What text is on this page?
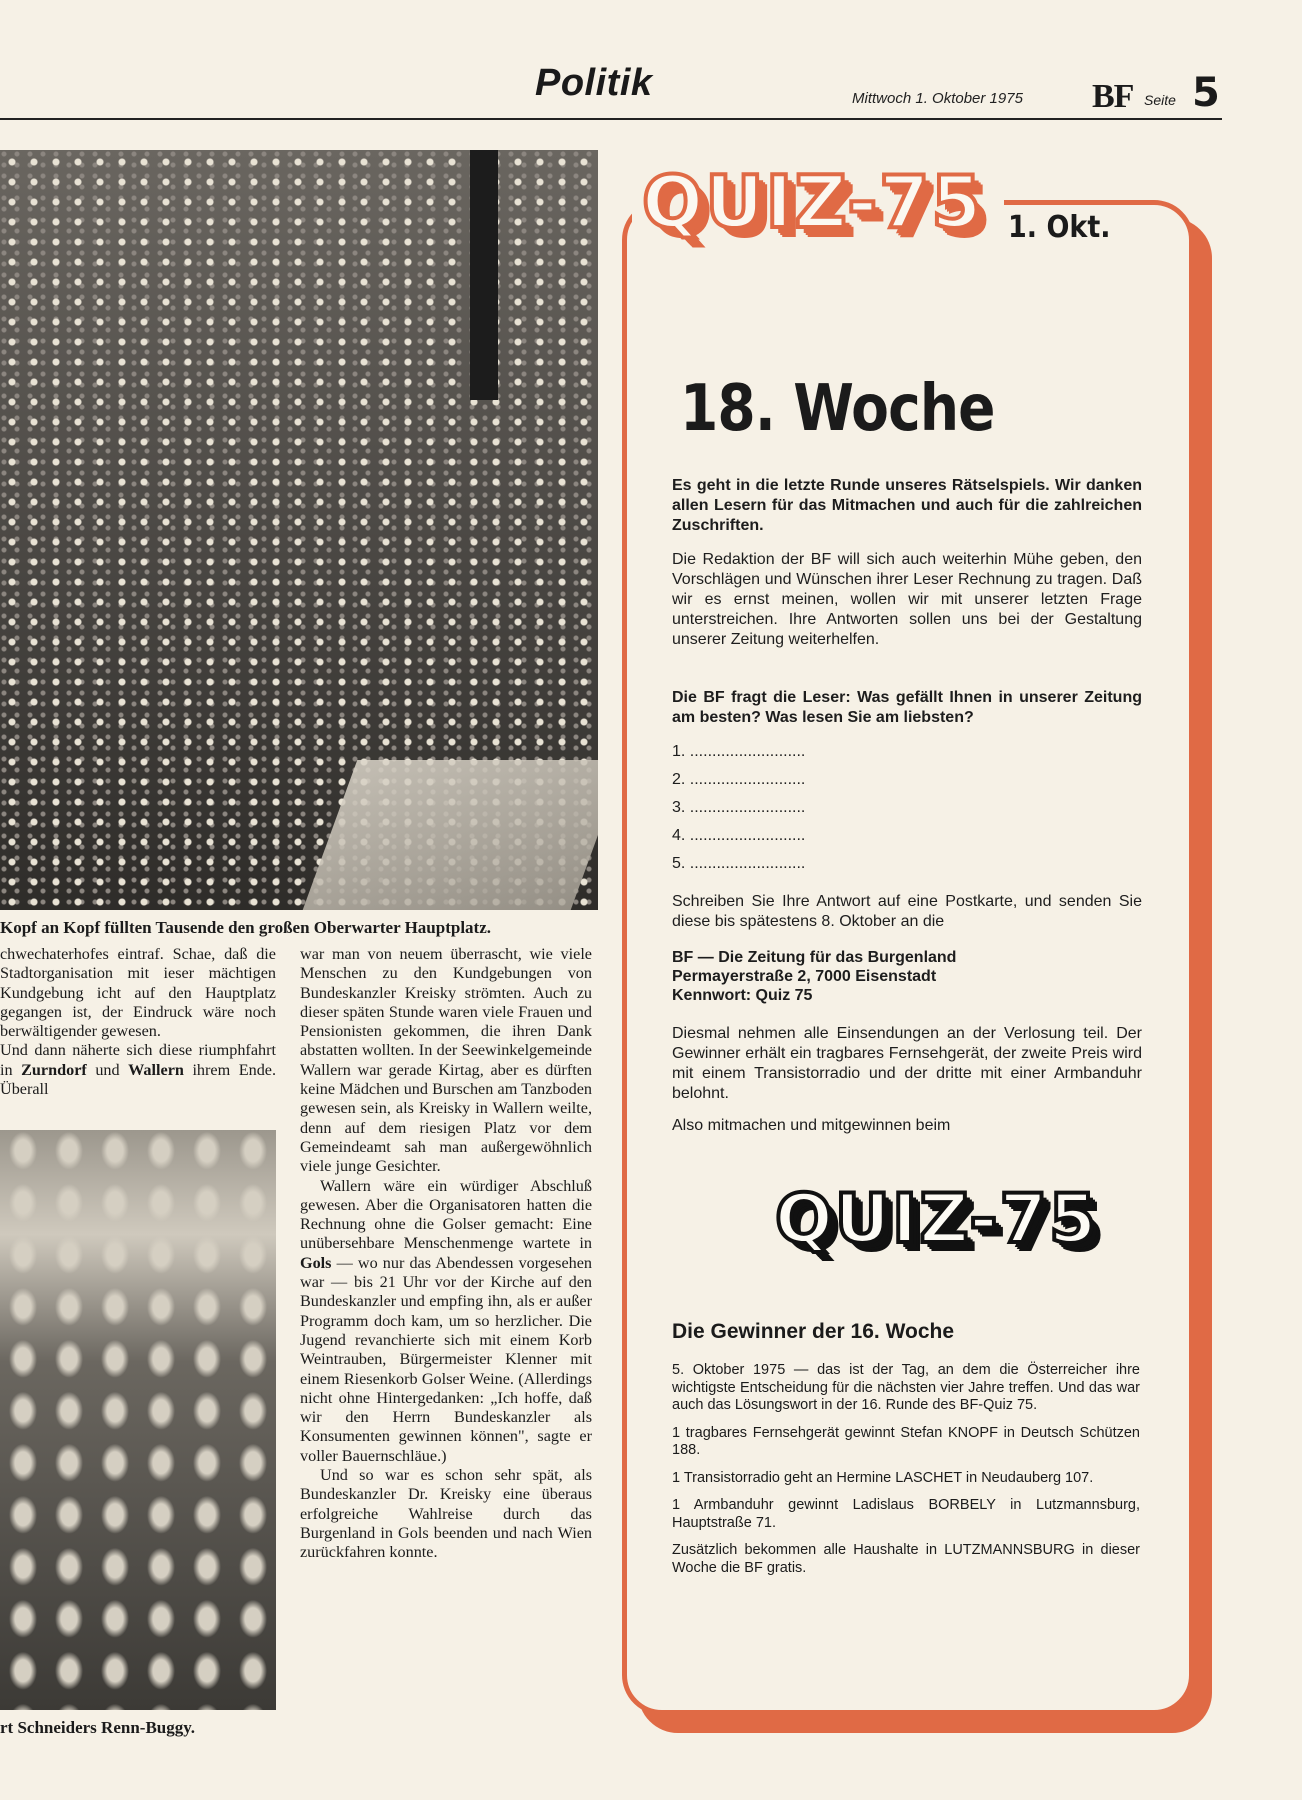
Politik	Mittwoch 1. Oktober 1975 BF Seite 5
Kopf an Kopf füllten Tausende den großen Oberwarter Hauptplatz.

chwechaterhofes eintraf. Schae, daß die Stadtorganisation mit ieser mächtigen Kundgebung icht auf den Hauptplatz gegangen ist, der Eindruck wäre noch berwältigender gewesen.

Und dann näherte sich diese riumphfahrt in Zurndorf und Wallern ihrem Ende. Überall

rt Schneiders Renn-Buggy.

war man von neuem überrascht, wie viele Menschen zu den Kundgebungen von Bundeskanzler Kreisky strömten. Auch zu dieser späten Stunde waren viele Frauen und Pensionisten gekommen, die ihren Dank abstatten wollten. In der Seewinkelgemeinde Wallern war gerade Kirtag, aber es dürften keine Mädchen und Burschen am Tanzboden gewesen sein, als Kreisky in Wallern weilte, denn auf dem riesigen Platz vor dem Gemeindeamt sah man außergewöhnlich viele junge Gesichter.

Wallern wäre ein würdiger Abschluß gewesen. Aber die Organisatoren hatten die Rechnung ohne die Golser gemacht: Eine unübersehbare Menschenmenge wartete in Gols — wo nur das Abendessen vorgesehen war — bis 21 Uhr vor der Kirche auf den Bundeskanzler und empfing ihn, als er außer Programm doch kam, um so herzlicher. Die Jugend revanchierte sich mit einem Korb Weintrauben, Bürgermeister Klenner mit einem Riesenkorb Golser Weine. (Allerdings nicht ohne Hintergedanken: „Ich hoffe, daß wir den Herrn Bundeskanzler als Konsumenten gewinnen können", sagte er voller Bauernschläue.)

Und so war es schon sehr spät, als Bundeskanzler Dr. Kreisky eine überaus erfolgreiche Wahlreise durch das Burgenland in Gols beenden und nach Wien zurückfahren konnte.

QUIZ-75 1. Okt.
18. Woche
Es geht in die letzte Runde unseres Rätselspiels. Wir danken allen Lesern für das Mitmachen und auch für die zahlreichen Zuschriften.
Die Redaktion der BF will sich auch weiterhin Mühe geben, den Vorschlägen und Wünschen ihrer Leser Rechnung zu tragen. Daß wir es ernst meinen, wollen wir mit unserer letzten Frage unterstreichen. Ihre Antworten sollen uns bei der Gestaltung unserer Zeitung weiterhelfen.
Die BF fragt die Leser: Was gefällt Ihnen in unserer Zeitung am besten? Was lesen Sie am liebsten?
1. ..........................
2. ..........................
3. ..........................
4. ..........................
5. ..........................
Schreiben Sie Ihre Antwort auf eine Postkarte, und senden Sie diese bis spätestens 8. Oktober an die
BF — Die Zeitung für das Burgenland
Permayerstraße 2, 7000 Eisenstadt
Kennwort: Quiz 75
Diesmal nehmen alle Einsendungen an der Verlosung teil. Der Gewinner erhält ein tragbares Fernsehgerät, der zweite Preis wird mit einem Transistorradio und der dritte mit einer Armbanduhr belohnt.
Also mitmachen und mitgewinnen beim
QUIZ-75
Die Gewinner der 16. Woche

5. Oktober 1975 — das ist der Tag, an dem die Österreicher ihre wichtigste Entscheidung für die nächsten vier Jahre treffen. Und das war auch das Lösungswort in der 16. Runde des BF-Quiz 75.

1 tragbares Fernsehgerät gewinnt Stefan KNOPF in Deutsch Schützen 188.

1 Transistorradio geht an Hermine LASCHET in Neudauberg 107.

1 Armbanduhr gewinnt Ladislaus BORBELY in Lutzmannsburg, Hauptstraße 71.

Zusätzlich bekommen alle Haushalte in LUTZMANNSBURG in dieser Woche die BF gratis.
